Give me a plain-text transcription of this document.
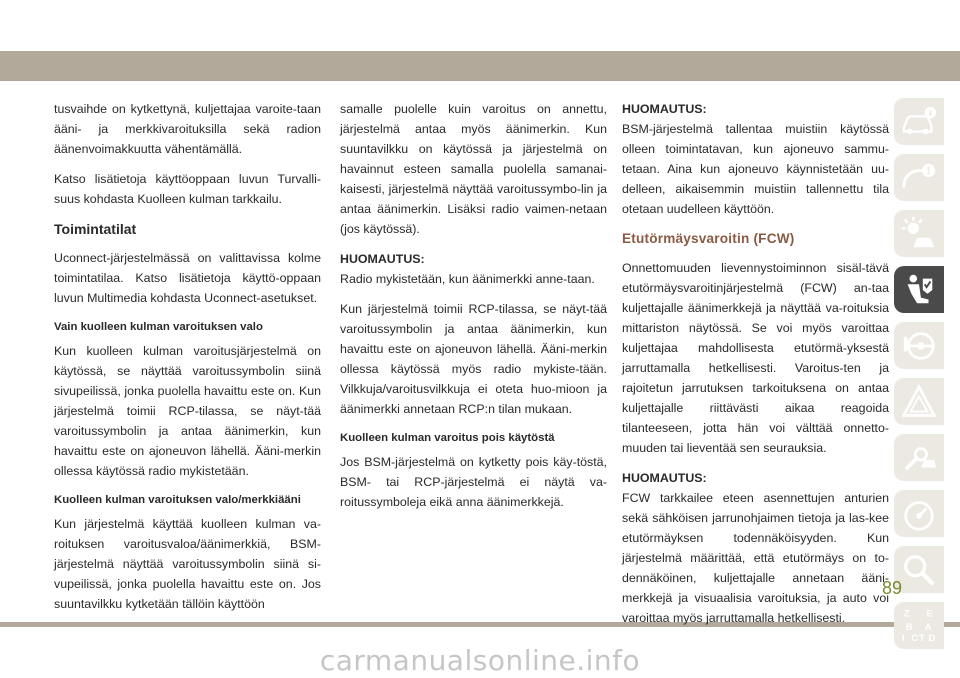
tusvaihde on kytkettynä, kuljettajaa varoite-taan ääni- ja merkkivaroituksilla sekä radion äänenvoimakkuutta vähentämällä.

Katso lisätietoja käyttöoppaan luvun Turvalli-suus kohdasta Kuolleen kulman tarkkailu.

Toimintatilat

Uconnect-järjestelmässä on valittavissa kolme toimintatilaa. Katso lisätietoja käyttö-oppaan luvun Multimedia kohdasta Uconnect-asetukset.

Vain kuolleen kulman varoituksen valo

Kun kuolleen kulman varoitusjärjestelmä on käytössä, se näyttää varoitussymbolin siinä sivupeilissä, jonka puolella havaittu este on. Kun järjestelmä toimii RCP-tilassa, se näyt-tää varoitussymbolin ja antaa äänimerkin, kun havaittu este on ajoneuvon lähellä. Ääni-merkin ollessa käytössä radio mykistetään.

Kuolleen kulman varoituksen valo/merkkiääni

Kun järjestelmä käyttää kuolleen kulman va-roituksen varoitusvaloa/äänimerkkiä, BSM-järjestelmä näyttää varoitussymbolin siinä si-vupeilissä, jonka puolella havaittu este on. Jos suuntavilkku kytketään tällöin käyttöön

samalle puolelle kuin varoitus on annettu, järjestelmä antaa myös äänimerkin. Kun suuntavilkku on käytössä ja järjestelmä on havainnut esteen samalla puolella samanai-kaisesti, järjestelmä näyttää varoitussymbo-lin ja antaa äänimerkin. Lisäksi radio vaimen-netaan (jos käytössä).

HUOMAUTUS:

Radio mykistetään, kun äänimerkki anne-taan.

Kun järjestelmä toimii RCP-tilassa, se näyt-tää varoitussymbolin ja antaa äänimerkin, kun havaittu este on ajoneuvon lähellä. Ääni-merkin ollessa käytössä myös radio mykiste-tään. Vilkkuja/varoitusvilkkuja ei oteta huo-mioon ja äänimerkki annetaan RCP:n tilan mukaan.

Kuolleen kulman varoitus pois käytöstä

Jos BSM-järjestelmä on kytketty pois käy-töstä, BSM- tai RCP-järjestelmä ei näytä va-roitussymboleja eikä anna äänimerkkejä.

HUOMAUTUS:

BSM-järjestelmä tallentaa muistiin käytössä olleen toimintatavan, kun ajoneuvo sammu-tetaan. Aina kun ajoneuvo käynnistetään uu-delleen, aikaisemmin muistiin tallennettu tila otetaan uudelleen käyttöön.

Etutörmäysvaroitin (FCW)

Onnettomuuden lievennystoiminnon sisäl-tävä etutörmäysvaroitinjärjestelmä (FCW) an-taa kuljettajalle äänimerkkejä ja näyttää va-roituksia mittariston näytössä. Se voi myös varoittaa kuljettajaa mahdollisesta etutörmä-yksestä jarruttamalla hetkellisesti. Varoitus-ten ja rajoitetun jarrutuksen tarkoituksena on antaa kuljettajalle riittävästi aikaa reagoida tilanteeseen, jotta hän voi välttää onnetto-muuden tai lieventää sen seurauksia.

HUOMAUTUS:

FCW tarkkailee eteen asennettujen anturien sekä sähköisen jarrunohjaimen tietoja ja las-kee etutörmäyksen todennäköisyyden. Kun järjestelmä määrittää, että etutörmäys on to-dennäköinen, kuljettajalle annetaan ääni-merkkejä ja visuaalisia varoituksia, ja auto voi varoittaa myös jarruttamalla hetkellisesti.	Z E
B A
I C T D
89
carmanualsonline.info
